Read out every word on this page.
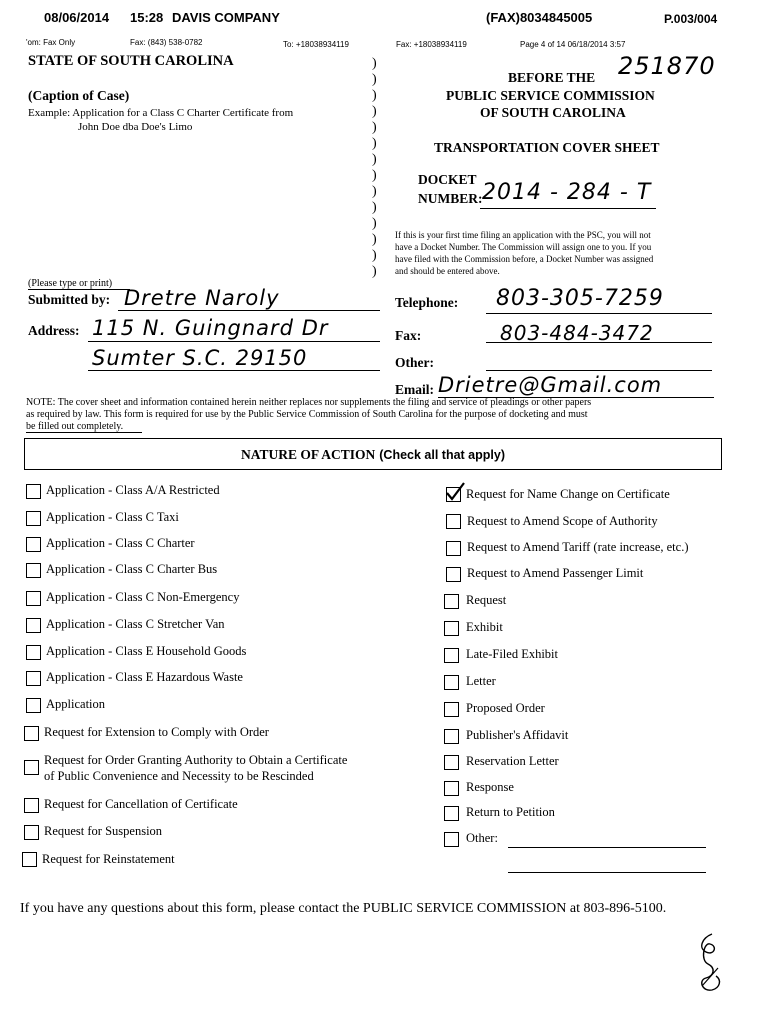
08/06/2014 15:28 DAVIS COMPANY	(FAX)8034845005	P.003/004
'om: Fax Only	Fax: (843) 538-0782	To: +18038934119	Fax: +18038934119	Page 4 of 14 06/18/2014 3:57
STATE OF SOUTH CAROLINA
(Caption of Case)
Example: Application for a Class C Charter Certificate from
John Doe dba Doe's Limo
)
)
)
)
)
)
)
)
)
)
)
)
)
)
251870
BEFORE THE
PUBLIC SERVICE COMMISSION
OF SOUTH CAROLINA
TRANSPORTATION COVER SHEET
DOCKET
NUMBER: 2014 - 284 - T
If this is your first time filing an application with the PSC, you will not
have a Docket Number. The Commission will assign one to you. If you
have filed with the Commission before, a Docket Number was assigned
and should be entered above.
(Please type or print)
Submitted by: Dretre Naroly
Address: 115 N. Guingnard Dr
Sumter S.C. 29150
Telephone: 803-305-7259
Fax:	803-484-3472
Other:
Email: Drietre@Gmail.com
NOTE: The cover sheet and information contained herein neither replaces nor supplements the filing and service of pleadings or other papers
as required by law. This form is required for use by the Public Service Commission of South Carolina for the purpose of docketing and must
be filled out completely.
NATURE OF ACTION (Check all that apply)
Application - Class A/A Restricted
Application - Class C Taxi
Application - Class C Charter
Application - Class C Charter Bus
Application - Class C Non-Emergency
Application - Class C Stretcher Van
Application - Class E Household Goods
Application - Class E Hazardous Waste
Application
Request for Extension to Comply with Order
Request for Order Granting Authority to Obtain a Certificate
of Public Convenience and Necessity to be Rescinded
Request for Cancellation of Certificate
Request for Suspension
Request for Reinstatement
Request for Name Change on Certificate
Request to Amend Scope of Authority
Request to Amend Tariff (rate increase, etc.)
Request to Amend Passenger Limit
Request
Exhibit
Late-Filed Exhibit
Letter
Proposed Order
Publisher's Affidavit
Reservation Letter
Response
Return to Petition
Other:
If you have any questions about this form, please contact the PUBLIC SERVICE COMMISSION at 803-896-5100.
